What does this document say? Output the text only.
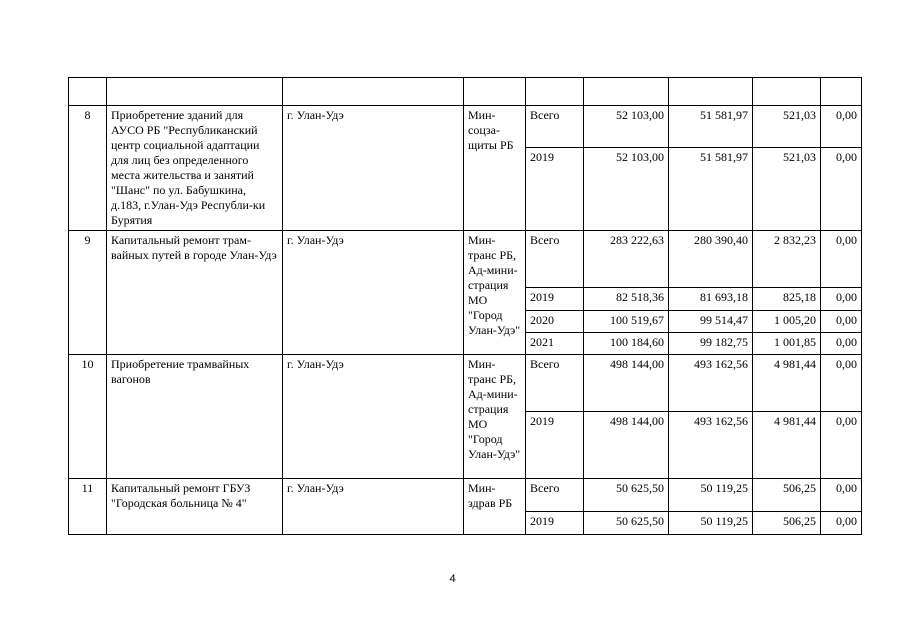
8	Приобретение зданий для АУСО РБ "Республиканский центр социальной адаптации для лиц без определенного места жительства и занятий "Шанс" по ул. Бабушкина, д.183, г.Улан-Удэ Республи-ки Бурятия	г. Улан-Удэ	Мин-соцза-щиты РБ	Всего	52 103,00	51 581,97	521,03	0,00
				2019	52 103,00	51 581,97	521,03	0,00
9	Капитальный ремонт трам-вайных путей в городе Улан-Удэ	г. Улан-Удэ	Мин-транс РБ, Ад-мини-страция МО "Город Улан-Удэ"	Всего	283 222,63	280 390,40	2 832,23	0,00
				2019	82 518,36	81 693,18	825,18	0,00
				2020	100 519,67	99 514,47	1 005,20	0,00
				2021	100 184,60	99 182,75	1 001,85	0,00
10	Приобретение трамвайных вагонов	г. Улан-Удэ	Мин-транс РБ, Ад-мини-страция МО "Город Улан-Удэ"	Всего	498 144,00	493 162,56	4 981,44	0,00
				2019	498 144,00	493 162,56	4 981,44	0,00
11	Капитальный ремонт ГБУЗ "Городская больница № 4"	г. Улан-Удэ	Мин-здрав РБ	Всего	50 625,50	50 119,25	506,25	0,00
				2019	50 625,50	50 119,25	506,25	0,00
4
